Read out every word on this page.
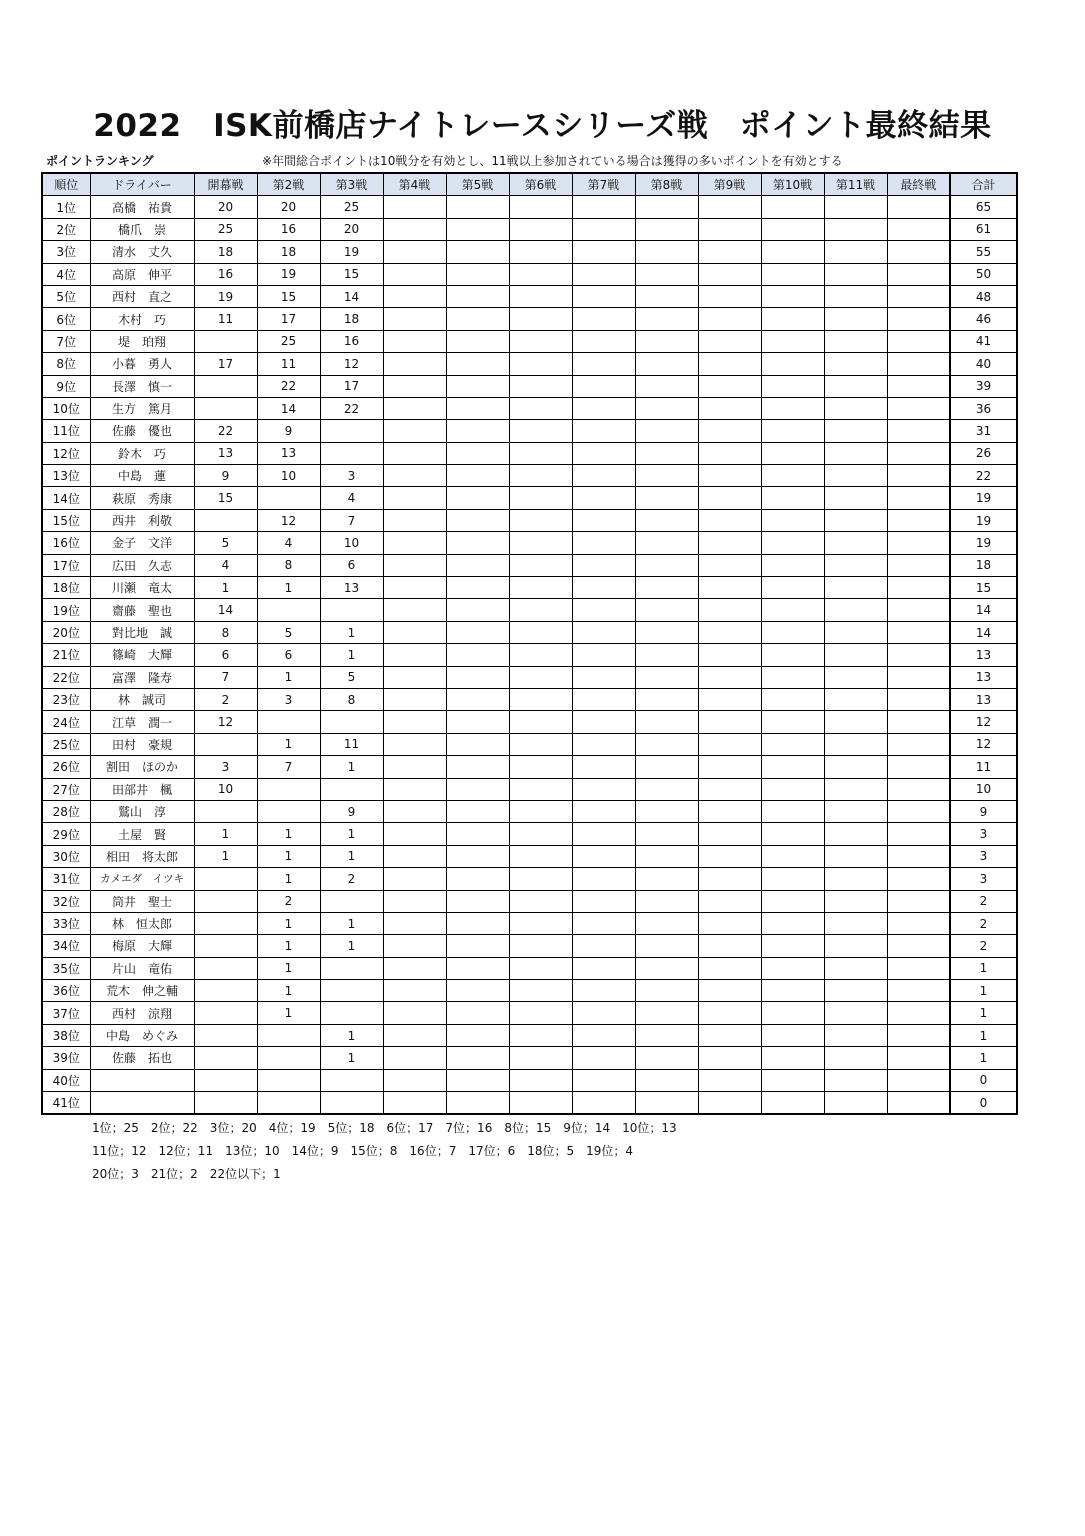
2022　ISK前橋店ナイトレースシリーズ戦　ポイント最終結果
ポイントランキング	※年間総合ポイントは10戦分を有効とし、11戦以上参加されている場合は獲得の多いポイントを有効とする
順位	ドライバー	開幕戦	第2戦	第3戦	第4戦	第5戦	第6戦	第7戦	第8戦	第9戦	第10戦	第11戦	最終戦	合計
1位	高橋　祐貴	20	20	25										65
2位	橋爪　崇	25	16	20										61
3位	清水　丈久	18	18	19										55
4位	高原　伸平	16	19	15										50
5位	西村　直之	19	15	14										48
6位	木村　巧	11	17	18										46
7位	堤　珀翔		25	16										41
8位	小暮　勇人	17	11	12										40
9位	長澤　慎一		22	17										39
10位	生方　篤月		14	22										36
11位	佐藤　優也	22	9											31
12位	鈴木　巧	13	13											26
13位	中島　蓮	9	10	3										22
14位	萩原　秀康	15		4										19
15位	西井　利敬		12	7										19
16位	金子　文洋	5	4	10										19
17位	広田　久志	4	8	6										18
18位	川瀬　竜太	1	1	13										15
19位	齋藤　聖也	14												14
20位	對比地　誠	8	5	1										14
21位	篠崎　大輝	6	6	1										13
22位	富澤　隆寿	7	1	5										13
23位	林　誠司	2	3	8										13
24位	江草　潤一	12												12
25位	田村　豪規		1	11										12
26位	割田　ほのか	3	7	1										11
27位	田部井　楓	10												10
28位	鷲山　淳			9										9
29位	土屋　賢	1	1	1										3
30位	相田　将太郎	1	1	1										3
31位	カメエダ　イツキ		1	2										3
32位	筒井　聖士		2											2
33位	林　恒太郎		1	1										2
34位	梅原　大輝		1	1										2
35位	片山　竜佑		1											1
36位	荒木　伸之輔		1											1
37位	西村　涼翔		1											1
38位	中島　めぐみ			1										1
39位	佐藤　拓也			1										1
40位														0
41位														0
1位；25　2位；22　3位；20　4位；19　5位；18　6位；17　7位；16　8位；15　9位；14　10位；13
11位；12　12位；11　13位；10　14位；9　15位；8　16位；7　17位；6　18位；5　19位；4
20位；3　21位；2　22位以下；1
